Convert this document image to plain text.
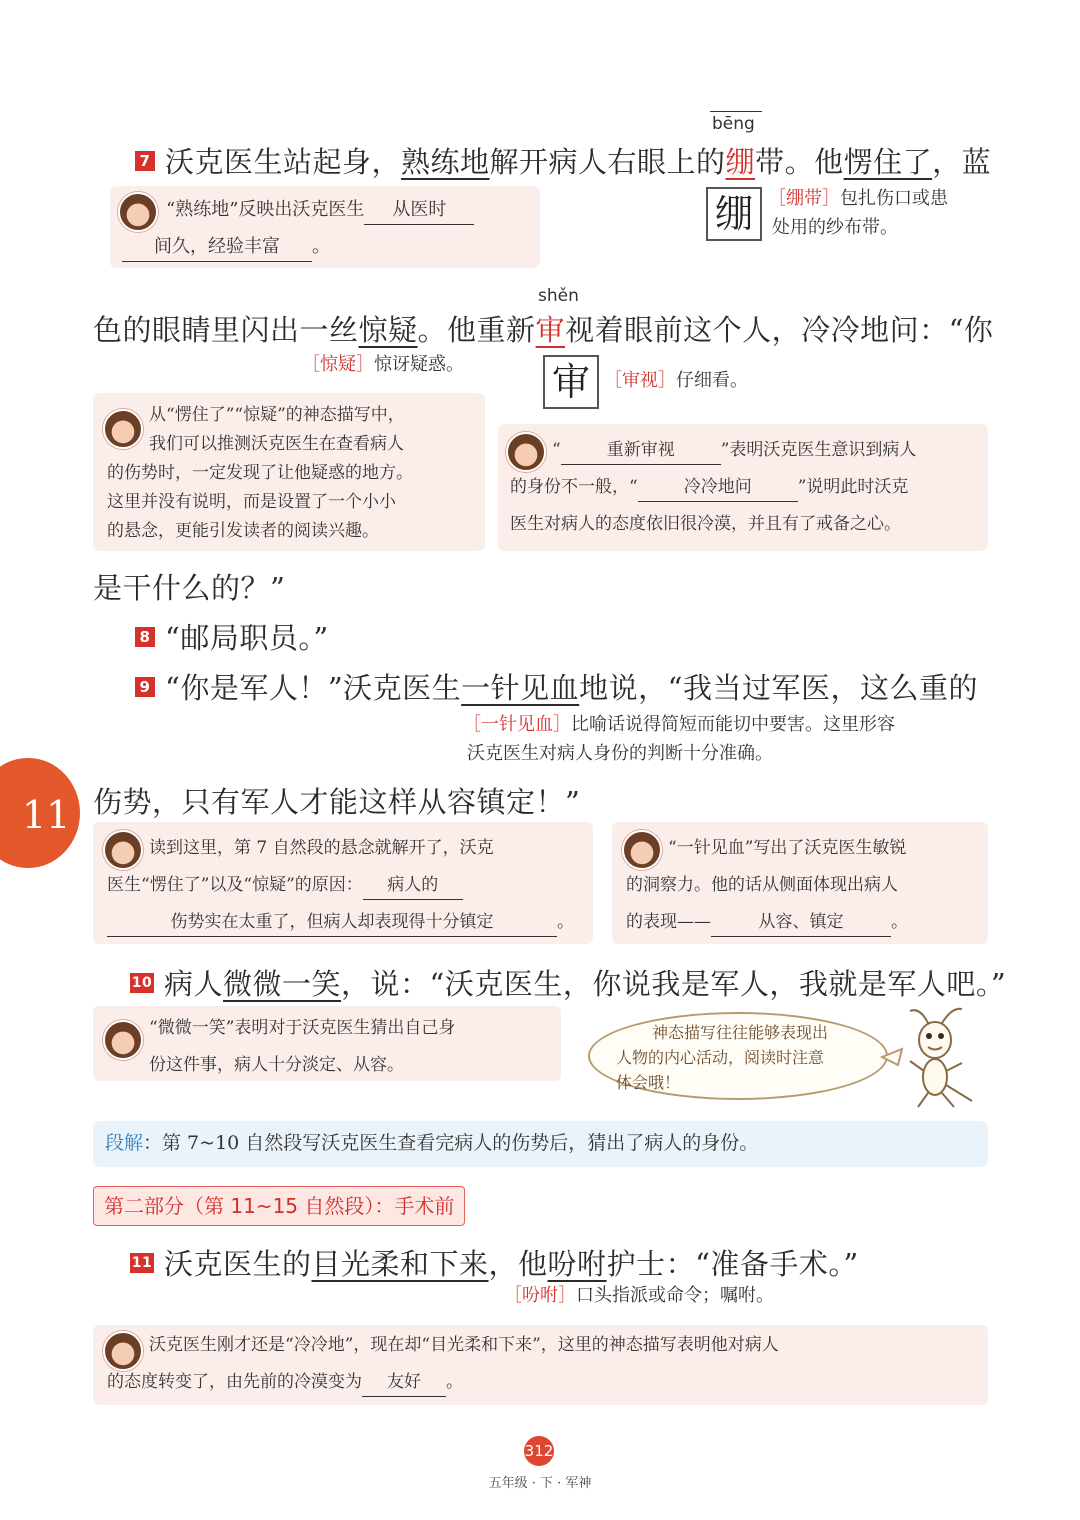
11
bēng
7 沃克医生站起身，熟练地解开病人右眼上的绷带。他愣住了，蓝
“熟练地”反映出沃克医生 从医时
间久，经验丰富 。
绷 ［绷带］包扎伤口或患
处用的纱布带。
shěn
色的眼睛里闪出一丝惊疑。他重新审视着眼前这个人，冷冷地问：“你
［惊疑］惊讶疑惑。 审 ［审视］仔细看。
从“愣住了”“惊疑”的神态描写中，
我们可以推测沃克医生在查看病人
的伤势时，一定发现了让他疑惑的地方。
这里并没有说明，而是设置了一个小小
的悬念，更能引发读者的阅读兴趣。
“	重新审视	”表明沃克医生意识到病人
的身份不一般，“	冷冷地问	”说明此时沃克
医生对病人的态度依旧很冷漠，并且有了戒备之心。
是干什么的？”
8 “邮局职员。”
9 “你是军人！”沃克医生一针见血地说，“我当过军医，这么重的
［一针见血］比喻话说得简短而能切中要害。这里形容
沃克医生对病人身份的判断十分准确。
伤势，只有军人才能这样从容镇定！”
读到这里，第 7 自然段的悬念就解开了，沃克
医生“愣住了”以及“惊疑”的原因： 病人的
伤势实在太重了，但病人却表现得十分镇定	。
“一针见血”写出了沃克医生敏锐
的洞察力。他的话从侧面体现出病人
的表现——	从容、镇定	。
10 病人微微一笑，说：“沃克医生，你说我是军人，我就是军人吧。”
“微微一笑”表明对于沃克医生猜出自己身
份这件事，病人十分淡定、从容。
神态描写往往能够表现出
人物的内心活动，阅读时注意
体会哦！
段解：第 7~10 自然段写沃克医生查看完病人的伤势后，猜出了病人的身份。
第二部分（第 11~15 自然段）：手术前
11 沃克医生的目光柔和下来，他吩咐护士：“准备手术。”
［吩咐］口头指派或命令；嘱咐。
沃克医生刚才还是“冷冷地”，现在却“目光柔和下来”，这里的神态描写表明他对病人
的态度转变了，由先前的冷漠变为 友好 。
312
五年级 · 下 · 军神
